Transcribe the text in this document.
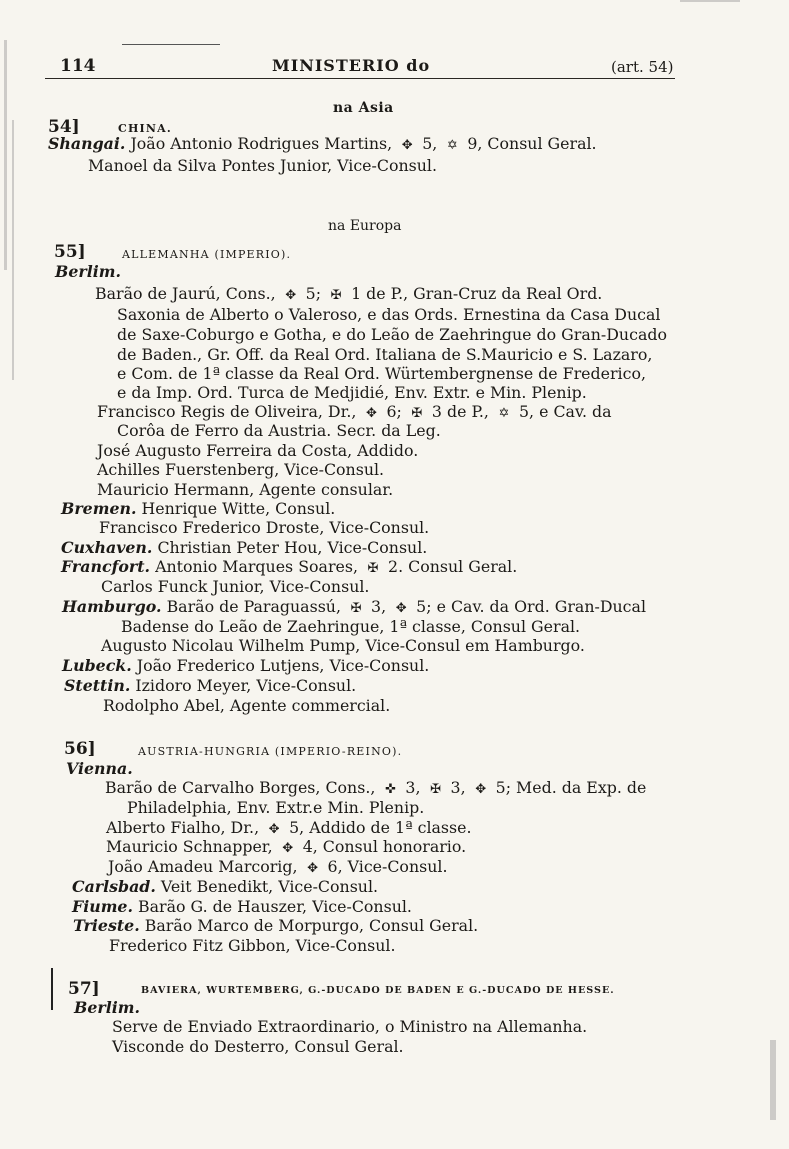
114	MINISTERIO do	(art. 54)
na Asia
54]	CHINA.
Shangai. João Antonio Rodrigues Martins, ✥ 5, ✡ 9, Consul Geral.
Manoel da Silva Pontes Junior, Vice-Consul.
na Europa
55]	ALLEMANHA (IMPERIO).
Berlim.
Barão de Jaurú, Cons., ✥ 5; ✠ 1 de P., Gran-Cruz da Real Ord.
Saxonia de Alberto o Valeroso, e das Ords. Ernestina da Casa Ducal
de Saxe-Coburgo e Gotha, e do Leão de Zaehringue do Gran-Ducado
de Baden., Gr. Off. da Real Ord. Italiana de S.Mauricio e S. Lazaro,
e Com. de 1ª classe da Real Ord. Würtembergnense de Frederico,
e da Imp. Ord. Turca de Medjidié, Env. Extr. e Min. Plenip.
Francisco Regis de Oliveira, Dr., ✥ 6; ✠ 3 de P., ✡ 5, e Cav. da
Corôa de Ferro da Austria. Secr. da Leg.
José Augusto Ferreira da Costa, Addido.
Achilles Fuerstenberg, Vice-Consul.
Mauricio Hermann, Agente consular.
Bremen. Henrique Witte, Consul.
Francisco Frederico Droste, Vice-Consul.
Cuxhaven. Christian Peter Hou, Vice-Consul.
Francfort. Antonio Marques Soares, ✠ 2. Consul Geral.
Carlos Funck Junior, Vice-Consul.
Hamburgo. Barão de Paraguassú, ✠ 3, ✥ 5; e Cav. da Ord. Gran-Ducal
Badense do Leão de Zaehringue, 1ª classe, Consul Geral.
Augusto Nicolau Wilhelm Pump, Vice-Consul em Hamburgo.
Lubeck. João Frederico Lutjens, Vice-Consul.
Stettin. Izidoro Meyer, Vice-Consul.
Rodolpho Abel, Agente commercial.
56]	AUSTRIA-HUNGRIA (IMPERIO-REINO).
Vienna.
Barão de Carvalho Borges, Cons., ✜ 3, ✠ 3, ✥ 5; Med. da Exp. de
Philadelphia, Env. Extr.e Min. Plenip.
Alberto Fialho, Dr., ✥ 5, Addido de 1ª classe.
Mauricio Schnapper, ✥ 4, Consul honorario.
João Amadeu Marcorig, ✥ 6, Vice-Consul.
Carlsbad. Veit Benedikt, Vice-Consul.
Fiume. Barão G. de Hauszer, Vice-Consul.
Trieste. Barão Marco de Morpurgo, Consul Geral.
Frederico Fitz Gibbon, Vice-Consul.
57]	BAVIERA, WURTEMBERG, G.-DUCADO DE BADEN E G.-DUCADO DE HESSE.
Berlim.
Serve de Enviado Extraordinario, o Ministro na Allemanha.
Visconde do Desterro, Consul Geral.
